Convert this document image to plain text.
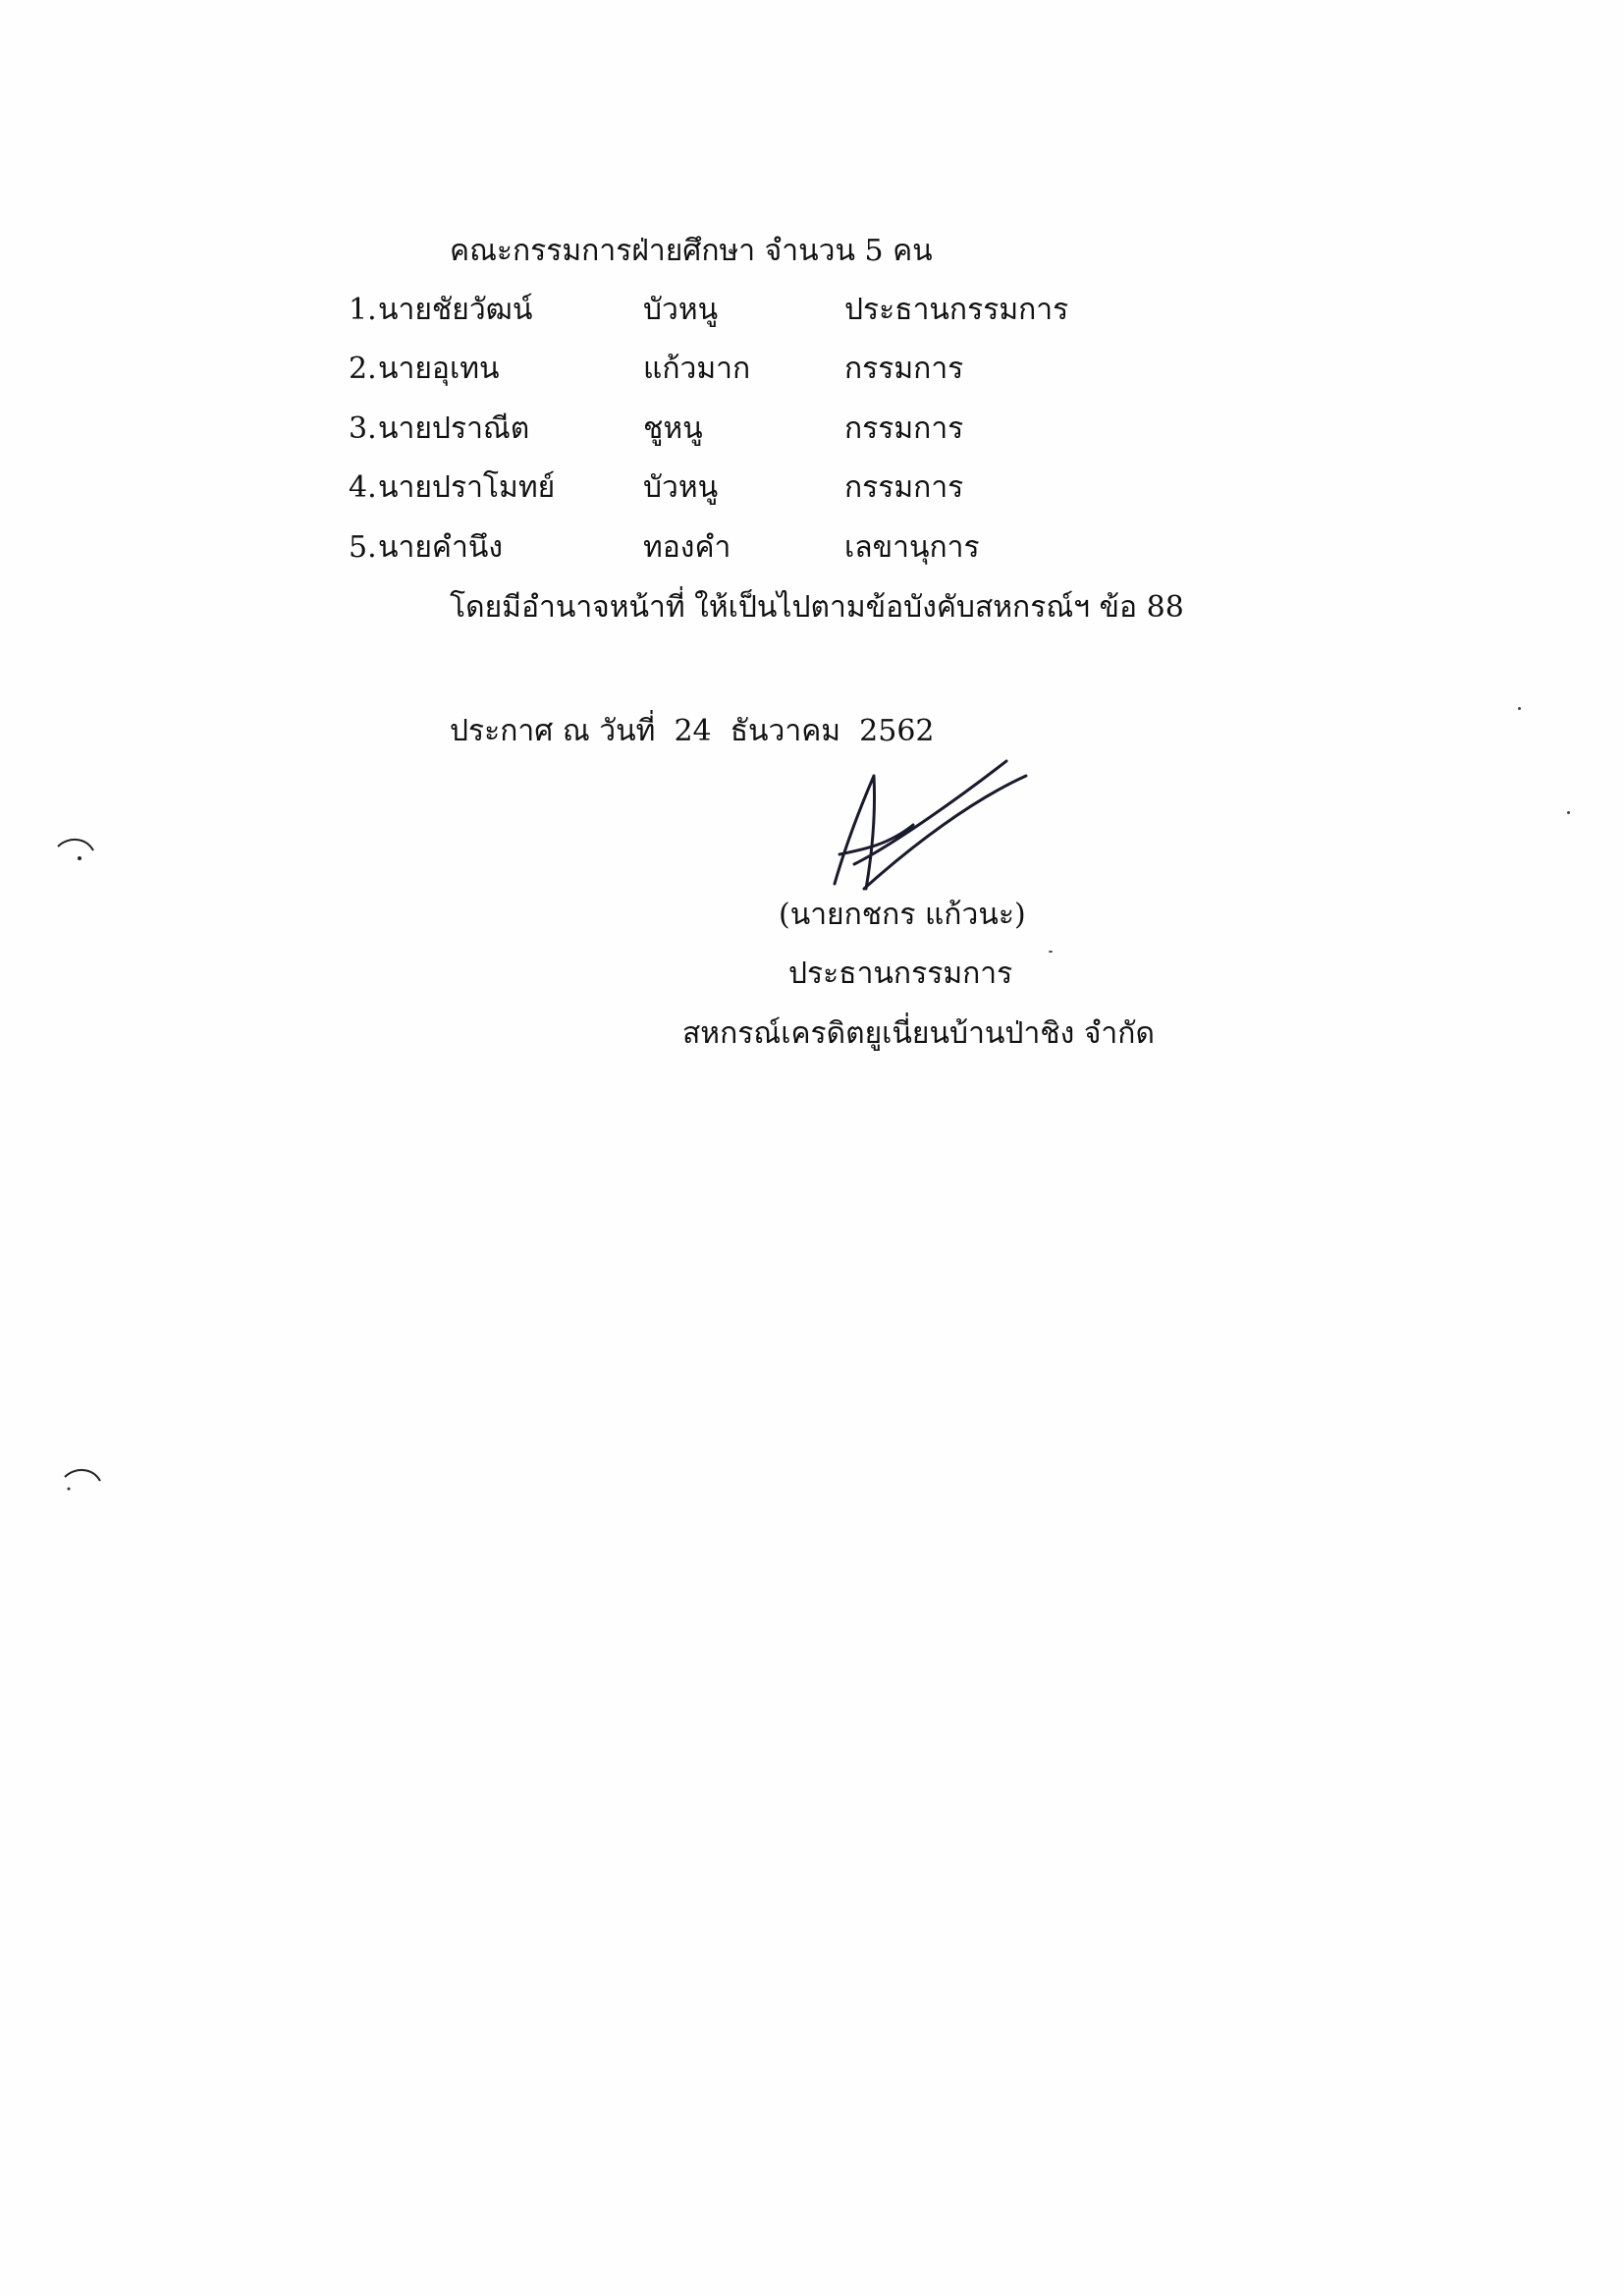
คณะกรรมการฝ่ายศึกษา จำนวน 5 คน
1. นายชัยวัฒน์	บัวหนู	ประธานกรรมการ
2. นายอุเทน	แก้วมาก	กรรมการ
3. นายปราณีต	ชูหนู	กรรมการ
4. นายปราโมทย์	บัวหนู	กรรมการ
5. นายคำนึง	ทองคำ	เลขานุการ
โดยมีอำนาจหน้าที่ ให้เป็นไปตามข้อบังคับสหกรณ์ฯ ข้อ 88
ประกาศ ณ วันที่ 24 ธันวาคม 2562
(นายกชกร แก้วนะ)
ประธานกรรมการ
สหกรณ์เครดิตยูเนี่ยนบ้านป่าชิง จำกัด
